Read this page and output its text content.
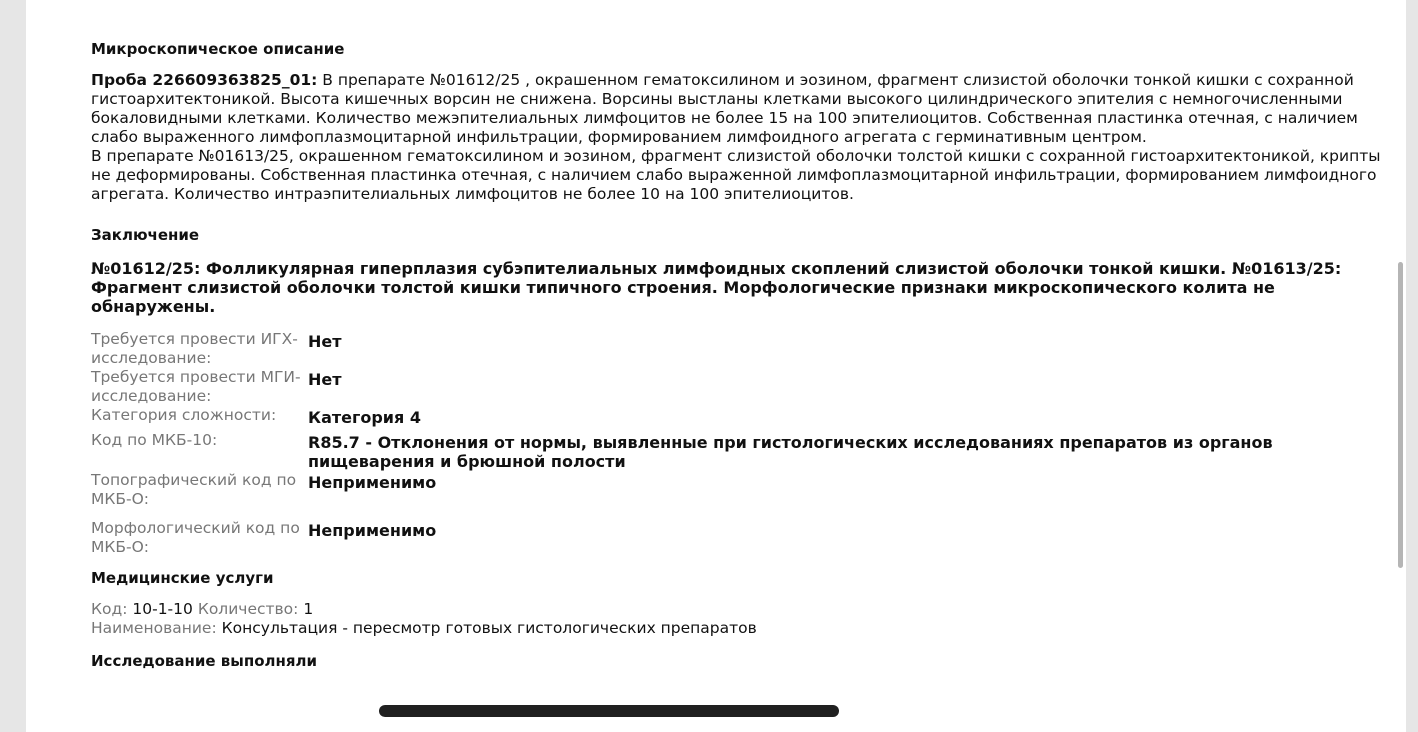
Микроскопическое описание

Проба 226609363825_01: В препарате №01612/25 , окрашенном гематоксилином и эозином, фрагмент слизистой оболочки тонкой кишки с сохранной гистоархитектоникой. Высота кишечных ворсин не снижена. Ворсины выстланы клетками высокого цилиндрического эпителия с немногочисленными бокаловидными клетками. Количество межэпителиальных лимфоцитов не более 15 на 100 эпителиоцитов. Собственная пластинка отечная, с наличием слабо выраженного лимфоплазмоцитарной инфильтрации, формированием лимфоидного агрегата с герминативным центром.

В препарате №01613/25, окрашенном гематоксилином и эозином, фрагмент слизистой оболочки толстой кишки с сохранной гистоархитектоникой, крипты не деформированы. Собственная пластинка отечная, с наличием слабо выраженной лимфоплазмоцитарной инфильтрации, формированием лимфоидного агрегата. Количество интраэпителиальных лимфоцитов не более 10 на 100 эпителиоцитов.

Заключение
№01612/25: Фолликулярная гиперплазия субэпителиальных лимфоидных скоплений слизистой оболочки тонкой кишки. №01613/25: Фрагмент слизистой оболочки толстой кишки типичного строения. Морфологические признаки микроскопического колита не обнаружены.
Требуется провести ИГХ-исследование:
Нет
Требуется провести МГИ-исследование:
Нет
Категория сложности:	Категория 4
Код по МКБ-10:	R85.7 - Отклонения от нормы, выявленные при гистологических исследованиях препаратов из органов пищеварения и брюшной полости
Топографический код по МКБ-О:
Неприменимо
Морфологический код по МКБ-О:
Неприменимо
Медицинские услуги
Код: 10-1-10 Количество: 1
Наименование: Консультация - пересмотр готовых гистологических препаратов
Исследование выполняли
